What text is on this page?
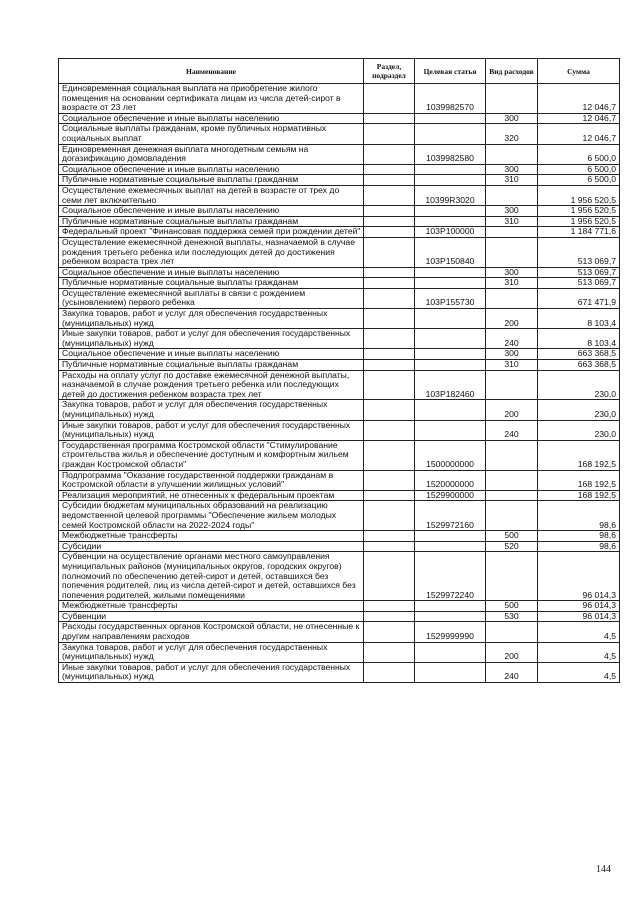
Наименование	Раздел, подраздел	Целевая статья	Вид расходов	Сумма
Единовременная социальная выплата на приобретение жилого помещения на основании сертификата лицам из числа детей-сирот в возрасте от 23 лет		1039982570		12 046,7
Социальное обеспечение и иные выплаты населению			300	12 046,7
Социальные выплаты гражданам, кроме публичных нормативных социальных выплат			320	12 046,7
Единовременная денежная выплата многодетным семьям на догазификацию домовладения		1039982580		6 500,0
Социальное обеспечение и иные выплаты населению			300	6 500,0
Публичные нормативные социальные выплаты гражданам			310	6 500,0
Осуществление ежемесячных выплат на детей в возрасте от трех до семи лет включительно		10399R3020		1 956 520,5
Социальное обеспечение и иные выплаты населению			300	1 956 520,5
Публичные нормативные социальные выплаты гражданам			310	1 956 520,5
Федеральный проект "Финансовая поддержка семей при рождении детей"		103P100000		1 184 771,6
Осуществление ежемесячной денежной выплаты, назначаемой в случае рождения третьего ребенка или последующих детей до достижения ребенком возраста трех лет		103P150840		513 069,7
Социальное обеспечение и иные выплаты населению			300	513 069,7
Публичные нормативные социальные выплаты гражданам			310	513 069,7
Осуществление ежемесячной выплаты в связи с рождением (усыновлением) первого ребенка		103P155730		671 471,9
Закупка товаров, работ и услуг для обеспечения государственных (муниципальных) нужд			200	8 103,4
Иные закупки товаров, работ и услуг для обеспечения государственных (муниципальных) нужд			240	8 103,4
Социальное обеспечение и иные выплаты населению			300	663 368,5
Публичные нормативные социальные выплаты гражданам			310	663 368,5
Расходы на оплату услуг по доставке ежемесячной денежной выплаты, назначаемой в случае рождения третьего ребенка или последующих детей до достижения ребенком возраста трех лет		103P182460		230,0
Закупка товаров, работ и услуг для обеспечения государственных (муниципальных) нужд			200	230,0
Иные закупки товаров, работ и услуг для обеспечения государственных (муниципальных) нужд			240	230,0
Государственная программа Костромской области "Стимулирование строительства жилья и обеспечение доступным и комфортным жильем граждан Костромской области"		1500000000		168 192,5
Подпрограмма "Оказание государственной поддержки гражданам в Костромской области в улучшении жилищных условий"		1520000000		168 192,5
Реализация мероприятий, не отнесенных к федеральным проектам		1529900000		168 192,5
Субсидии бюджетам муниципальных образований на реализацию ведомственной целевой программы "Обеспечение жильем молодых семей Костромской области на 2022-2024 годы"		1529972160		98,6
Межбюджетные трансферты			500	98,6
Субсидии			520	98,6
Субвенции на осуществление органами местного самоуправления муниципальных районов (муниципальных округов, городских округов) полномочий по обеспечению детей-сирот и детей, оставшихся без попечения родителей, лиц из числа детей-сирот и детей, оставшихся без попечения родителей, жилыми помещениями		1529972240		96 014,3
Межбюджетные трансферты			500	96 014,3
Субвенции			530	96 014,3
Расходы государственных органов Костромской области, не отнесенные к другим направлениям расходов		1529999990		4,5
Закупка товаров, работ и услуг для обеспечения государственных (муниципальных) нужд			200	4,5
Иные закупки товаров, работ и услуг для обеспечения государственных (муниципальных) нужд			240	4,5
144
